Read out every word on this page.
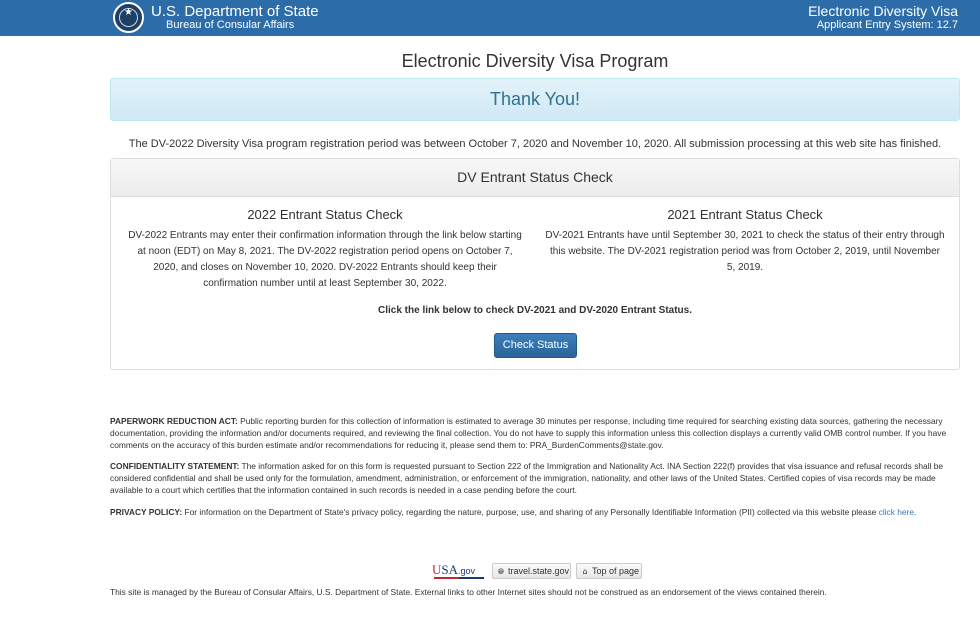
★	U.S. Department of State
Bureau of Consular Affairs
Electronic Diversity Visa
Applicant Entry System: 12.7
Electronic Diversity Visa Program
Thank You!
The DV-2022 Diversity Visa program registration period was between October 7, 2020 and November 10, 2020. All submission processing at this web site has finished.
DV Entrant Status Check
2022 Entrant Status Check

DV-2022 Entrants may enter their confirmation information through the link below starting at noon (EDT) on May 8, 2021. The DV-2022 registration period opens on October 7, 2020, and closes on November 10, 2020. DV-2022 Entrants should keep their confirmation number until at least September 30, 2022.

2021 Entrant Status Check

DV-2021 Entrants have until September 30, 2021 to check the status of their entry through this website. The DV-2021 registration period was from October 2, 2019, until November 5, 2019.

Click the link below to check DV-2021 and DV-2020 Entrant Status.
Check Status
PAPERWORK REDUCTION ACT: Public reporting burden for this collection of information is estimated to average 30 minutes per response, including time required for searching existing data sources, gathering the necessary documentation, providing the information and/or documents required, and reviewing the final collection. You do not have to supply this information unless this collection displays a currently valid OMB control number. If you have comments on the accuracy of this burden estimate and/or recommendations for reducing it, please send them to: PRA_BurdenComments@state.gov.
CONFIDENTIALITY STATEMENT: The information asked for on this form is requested pursuant to Section 222 of the Immigration and Nationality Act. INA Section 222(f) provides that visa issuance and refusal records shall be considered confidential and shall be used only for the formulation, amendment, administration, or enforcement of the immigration, nationality, and other laws of the United States. Certified copies of visa records may be made available to a court which certifies that the information contained in such records is needed in a case pending before the court.
PRIVACY POLICY: For information on the Department of State's privacy policy, regarding the nature, purpose, use, and sharing of any Personally Identifiable Information (PII) collected via this website please click here.
USA.gov	🌐︎ travel.state.gov	⌂ Top of page
This site is managed by the Bureau of Consular Affairs, U.S. Department of State. External links to other Internet sites should not be construed as an endorsement of the views contained therein.
